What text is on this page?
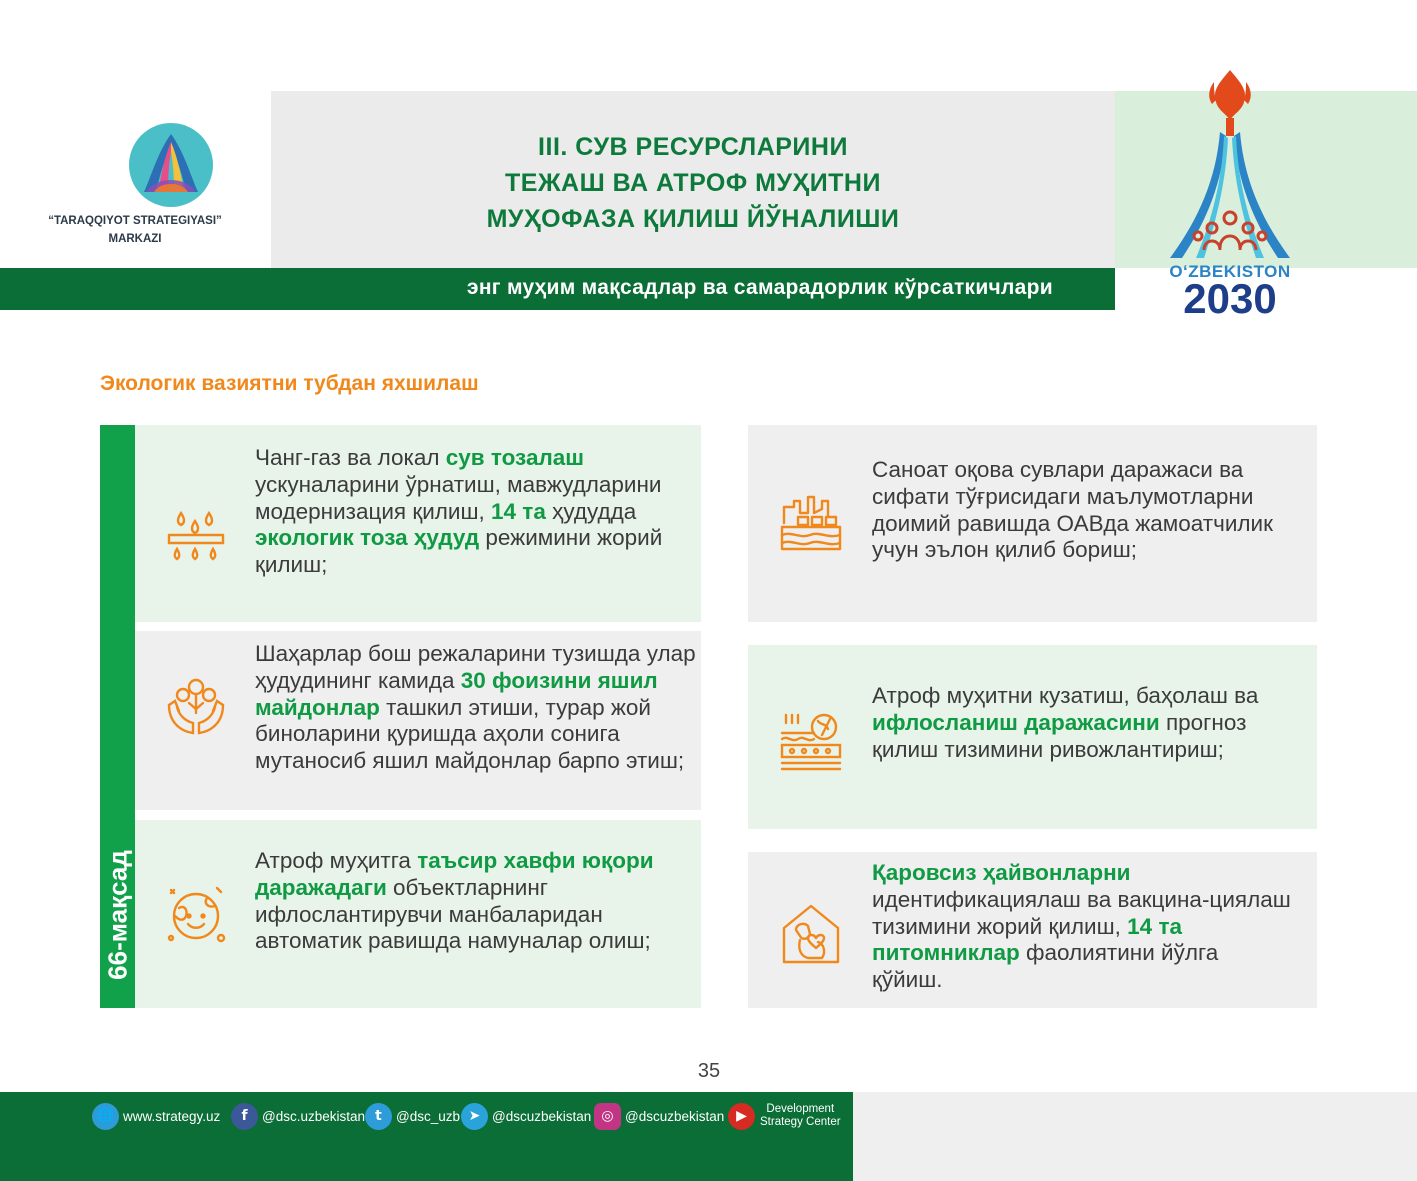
“TARAQQIYOT STRATEGIYASI”
MARKAZI
III. СУВ РЕСУРСЛАРИНИ
ТЕЖАШ ВА АТРОФ МУҲИТНИ
МУҲОФАЗА ҚИЛИШ ЙЎНАЛИШИ
энг муҳим мақсадлар ва самарадорлик кўрсаткичлари
OʻZBEKISTON
2030
Экологик вазиятни тубдан яхшилаш
66-мақсад
Чанг-газ ва локал сув тозалаш ускуналарини ўрнатиш, мавжудларини модернизация қилиш, 14 та ҳудудда экологик тоза ҳудуд режимини жорий қилиш;
Шаҳарлар бош режаларини тузишда улар ҳудудининг камида 30 фоизини яшил майдонлар ташкил этиши, турар жой биноларини қуришда аҳоли сонига мутаносиб яшил майдонлар барпо этиш;
Атроф муҳитга таъсир хавфи юқори даражадаги объектларнинг ифлослантирувчи манбаларидан автоматик равишда намуналар олиш;
Саноат оқова сувлари даражаси ва сифати тўғрисидаги маълумотларни доимий равишда ОАВда жамоатчилик учун эълон қилиб бориш;
Атроф муҳитни кузатиш, баҳолаш ва ифлосланиш даражасини прогноз қилиш тизимини ривожлантириш;
Қаровсиз ҳайвонларни идентификациялаш ва вакцина-циялаш тизимини жорий қилиш, 14 та питомниклар фаолиятини йўлга қўйиш.
35
🌐 www.strategy.uz	f	@dsc.uzbekistan t	@dsc_uzb ➤ @dscuzbekistan ◎ @dscuzbekistan ▶	Development
Strategy Center
